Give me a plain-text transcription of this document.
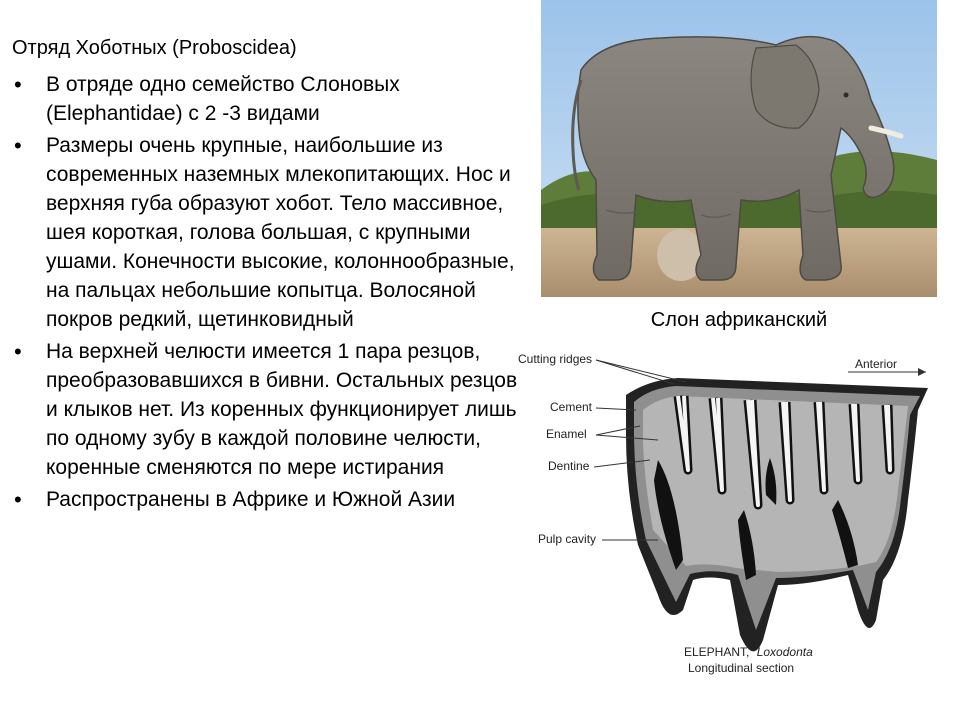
Отряд Хоботных (Proboscidea)
• В отряде одно семейство Слоновых (Elephantidae) с 2 -3 видами
• Размеры очень крупные, наибольшие из современных наземных млекопитающих. Нос и верхняя губа образуют хобот. Тело массивное, шея короткая, голова большая, с крупными ушами. Конечности высокие, колоннообразные, на пальцах небольшие копытца. Волосяной покров редкий, щетинковидный
• На верхней челюсти имеется 1 пара резцов, преобразовавшихся в бивни. Остальных резцов и клыков нет. Из коренных функционирует лишь по одному зубу в каждой половине челюсти, коренные сменяются по мере истирания
• Распространены в Африке и Южной Азии
Слон африканский
Cutting ridges	Anterior
Cement
Enamel
Dentine
Pulp cavity
ELEPHANT, Loxodonta
Longitudinal section
